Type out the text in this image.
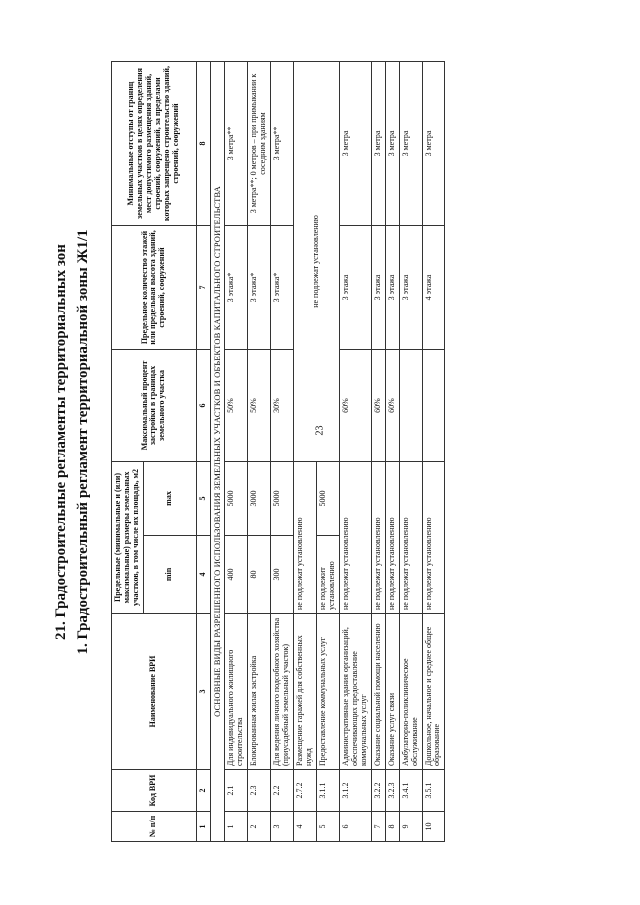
23
21. Градостроительные регламенты территориальных зон 1. Градостроительный регламент территориальной зоны Ж1/1
№ п/п	Код ВРИ	Наименование ВРИ	Предельные (минимальные и (или) максимальные) размеры земельных участков, в том числе их площадь, м2		Максимальный процент застройки в границах земельного участка	Предельное количество этажей или предельная высота зданий, строений, сооружений	Минимальные отступы от границ земельных участков в целях определения мест допустимого размещения зданий, строений, сооружений, за пределами которых запрещено строительство зданий, строений, сооружений
			min	max			
1	2	3	4	5	6	7	8
ОСНОВНЫЕ ВИДЫ РАЗРЕШЕННОГО ИСПОЛЬЗОВАНИЯ ЗЕМЕЛЬНЫХ УЧАСТКОВ И ОБЪЕКТОВ КАПИТАЛЬНОГО СТРОИТЕЛЬСТВА							
1	2.1	Для индивидуального жилищного строительства	400	5000	50%	3 этажа*	3 метра**
2	2.3	Блокированная жилая застройка	80	3000	50%	3 этажа*	3 метра**; 0 метров – при примыкании к соседним зданиям
3	2.2	Для ведения личного подсобного хозяйства (приусадебный земельный участок)	300	5000	30%	3 этажа*	3 метра**
4	2.7.2	Размещение гаражей для собственных нужд	не подлежат установлению		не подлежат установлению		
5	3.1.1	Предоставление коммунальных услуг	не подлежит установлению	5000			
6	3.1.2	Административные здания организаций, обеспечивающих предоставление коммунальных услуг	не подлежат установлению		60%	3 этажа	3 метра
7	3.2.2	Оказание социальной помощи населению	не подлежат установлению		60%	3 этажа	3 метра
8	3.2.3	Оказание услуг связи	не подлежат установлению		60%	3 этажа	3 метра
9	3.4.1	Амбулаторно-поликлиническое обслуживание	не подлежат установлению			3 этажа	3 метра
10	3.5.1	Дошкольное, начальное и среднее общее образование	не подлежат установлению			4 этажа	3 метра
